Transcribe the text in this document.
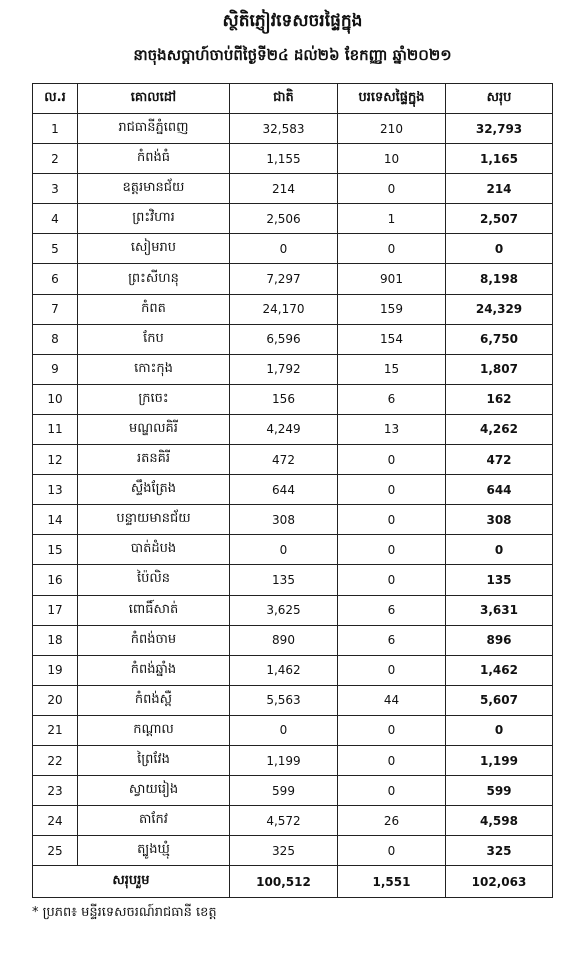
ស្ថិតិភ្ញៀវទេសចរផ្ទៃក្នុង
នាចុងសប្តាហ៍ចាប់ពីថ្ងៃទី២៤ ដល់២៦ ខែកញ្ញា ឆ្នាំ២០២១
ល.រ	គោលដៅ	ជាតិ	បរទេសផ្ទៃក្នុង	សរុប
1	រាជធានីភ្នំពេញ	32,583	210	32,793
2	កំពង់ធំ	1,155	10	1,165
3	ឧត្តរមានជ័យ	214	0	214
4	ព្រះវិហារ	2,506	1	2,507
5	សៀមរាប	0	0	0
6	ព្រះសីហនុ	7,297	901	8,198
7	កំពត	24,170	159	24,329
8	កែប	6,596	154	6,750
9	កោះកុង	1,792	15	1,807
10	ក្រចេះ	156	6	162
11	មណ្ឌលគិរី	4,249	13	4,262
12	រតនគិរី	472	0	472
13	ស្ទឹងត្រែង	644	0	644
14	បន្ទាយមានជ័យ	308	0	308
15	បាត់ដំបង	0	0	0
16	ប៉ៃលិន	135	0	135
17	ពោធិ៍សាត់	3,625	6	3,631
18	កំពង់ចាម	890	6	896
19	កំពង់ឆ្នាំង	1,462	0	1,462
20	កំពង់ស្ពឺ	5,563	44	5,607
21	កណ្ដាល	0	0	0
22	ព្រៃវែង	1,199	0	1,199
23	ស្វាយរៀង	599	0	599
24	តាកែវ	4,572	26	4,598
25	ត្បូងឃ្មុំ	325	0	325
សរុបរួម		100,512	1,551	102,063
* ប្រភព៖ មន្ទីរទេសចរណ៍រាជធានី ខេត្ត
